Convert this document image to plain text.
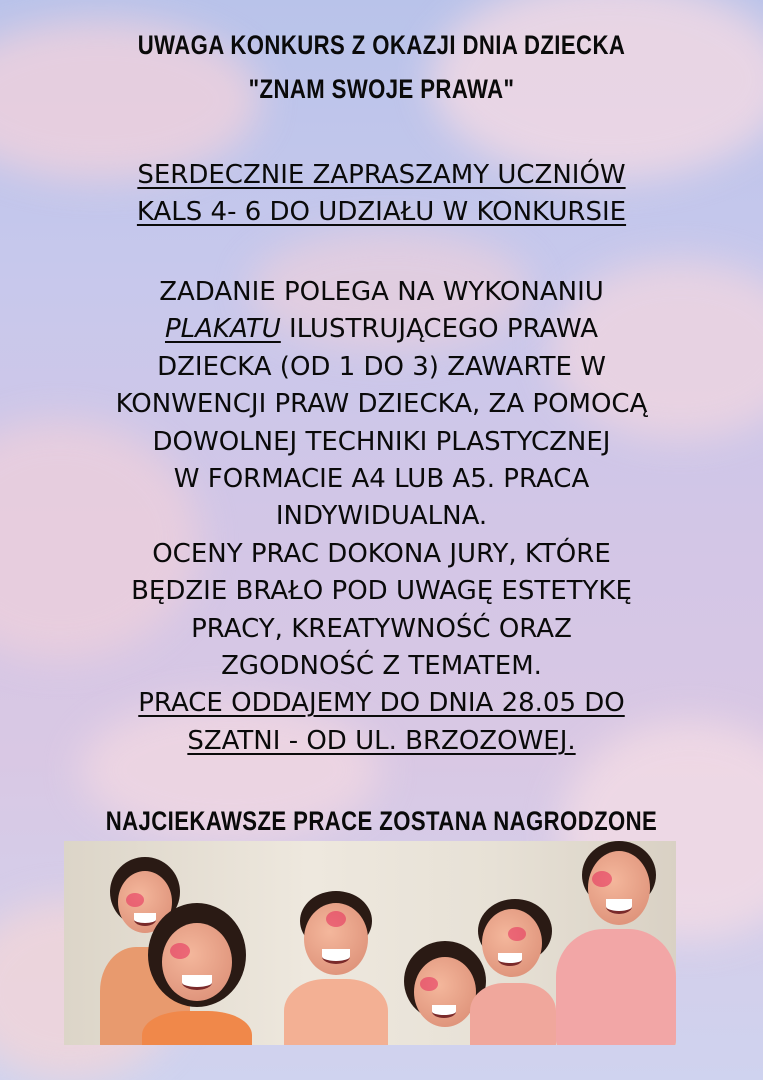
UWAGA KONKURS Z OKAZJI DNIA DZIECKA
"ZNAM SWOJE PRAWA"

SERDECZNIE ZAPRASZAMY UCZNIÓW
KALS 4- 6 DO UDZIAŁU W KONKURSIE

ZADANIE POLEGA NA WYKONANIU
PLAKATU ILUSTRUJĄCEGO PRAWA
DZIECKA (OD 1 DO 3) ZAWARTE W
KONWENCJI PRAW DZIECKA, ZA POMOCĄ
DOWOLNEJ TECHNIKI PLASTYCZNEJ
W FORMACIE A4 LUB A5. PRACA
INDYWIDUALNA.
OCENY PRAC DOKONA JURY, KTÓRE
BĘDZIE BRAŁO POD UWAGĘ ESTETYKĘ
PRACY, KREATYWNOŚĆ ORAZ
ZGODNOŚĆ Z TEMATEM.
PRACE ODDAJEMY DO DNIA 28.05 DO
SZATNI - OD UL. BRZOZOWEJ.

NAJCIEKAWSZE PRACE ZOSTANA NAGRODZONE
